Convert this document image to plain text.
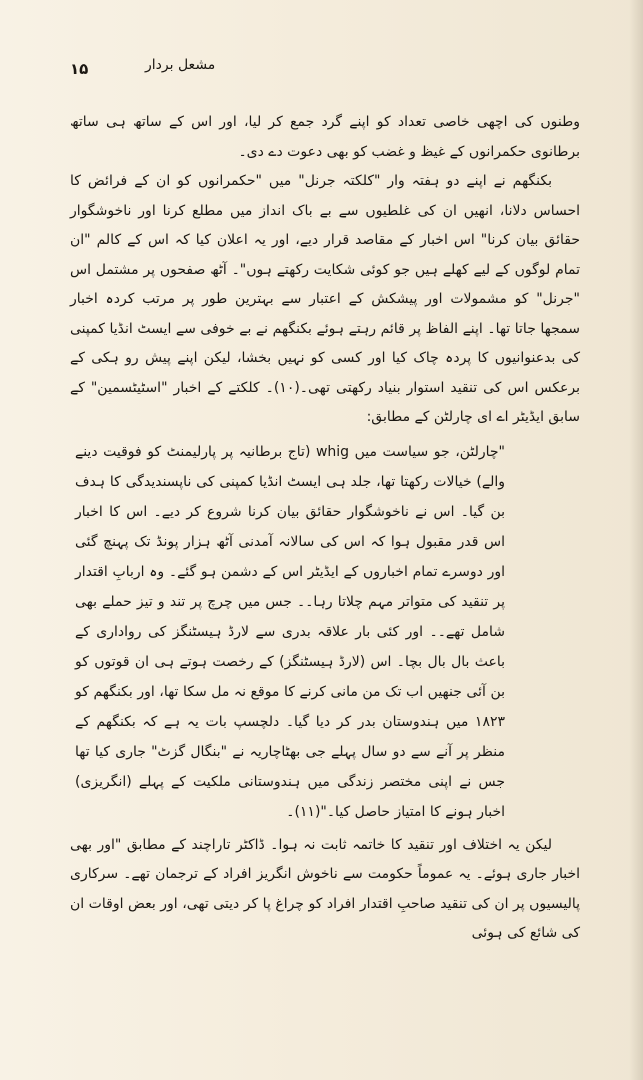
۱۵	مشعل بردار

وطنوں کی اچھی خاصی تعداد کو اپنے گرد جمع کر لیا، اور اس کے ساتھ ہی ساتھ برطانوی حکمرانوں کے غیظ و غضب کو بھی دعوت دے دی۔

بکنگھم نے اپنے دو ہفتہ وار "کلکتہ جرنل" میں "حکمرانوں کو ان کے فرائض کا احساس دلانا، انھیں ان کی غلطیوں سے بے باک انداز میں مطلع کرنا اور ناخوشگوار حقائق بیان کرنا" اس اخبار کے مقاصد قرار دیے، اور یہ اعلان کیا کہ اس کے کالم "ان تمام لوگوں کے لیے کھلے ہیں جو کوئی شکایت رکھتے ہوں"۔ آٹھ صفحوں پر مشتمل اس "جرنل" کو مشمولات اور پیشکش کے اعتبار سے بہترین طور پر مرتب کردہ اخبار سمجھا جاتا تھا۔ اپنے الفاظ پر قائم رہتے ہوئے بکنگھم نے بے خوفی سے ایسٹ انڈیا کمپنی کی بدعنوانیوں کا پردہ چاک کیا اور کسی کو نہیں بخشا، لیکن اپنے پیش رو ہکی کے برعکس اس کی تنقید استوار بنیاد رکھتی تھی۔(۱۰)۔ کلکتے کے اخبار "اسٹیٹسمین" کے سابق ایڈیٹر اے ای چارلٹن کے مطابق:

"چارلٹن، جو سیاست میں whig (تاج برطانیہ پر پارلیمنٹ کو فوقیت دینے والے) خیالات رکھتا تھا، جلد ہی ایسٹ انڈیا کمپنی کی ناپسندیدگی کا ہدف بن گیا۔ اس نے ناخوشگوار حقائق بیان کرنا شروع کر دیے۔ اس کا اخبار اس قدر مقبول ہوا کہ اس کی سالانہ آمدنی آٹھ ہزار پونڈ تک پہنچ گئی اور دوسرے تمام اخباروں کے ایڈیٹر اس کے دشمن ہو گئے۔ وہ اربابِ اقتدار پر تنقید کی متواتر مہم چلاتا رہا۔۔ جس میں چرچ پر تند و تیز حملے بھی شامل تھے۔۔ اور کئی بار علاقہ بدری سے لارڈ ہیسٹنگز کی رواداری کے باعث بال بال بچا۔ اس (لارڈ ہیسٹنگز) کے رخصت ہوتے ہی ان قوتوں کو بن آئی جنھیں اب تک من مانی کرنے کا موقع نہ مل سکا تھا، اور بکنگھم کو ۱۸۲۳ میں ہندوستان بدر کر دیا گیا۔ دلچسپ بات یہ ہے کہ بکنگھم کے منظر پر آنے سے دو سال پہلے جی بھٹاچاریہ نے "بنگال گزٹ" جاری کیا تھا جس نے اپنی مختصر زندگی میں ہندوستانی ملکیت کے پہلے (انگریزی) اخبار ہونے کا امتیاز حاصل کیا۔"(۱۱)۔

لیکن یہ اختلاف اور تنقید کا خاتمہ ثابت نہ ہوا۔ ڈاکٹر تاراچند کے مطابق "اور بھی اخبار جاری ہوئے۔ یہ عموماً حکومت سے ناخوش انگریز افراد کے ترجمان تھے۔ سرکاری پالیسیوں پر ان کی تنقید صاحبِ اقتدار افراد کو چراغ پا کر دیتی تھی، اور بعض اوقات ان کی شائع کی ہوئی
